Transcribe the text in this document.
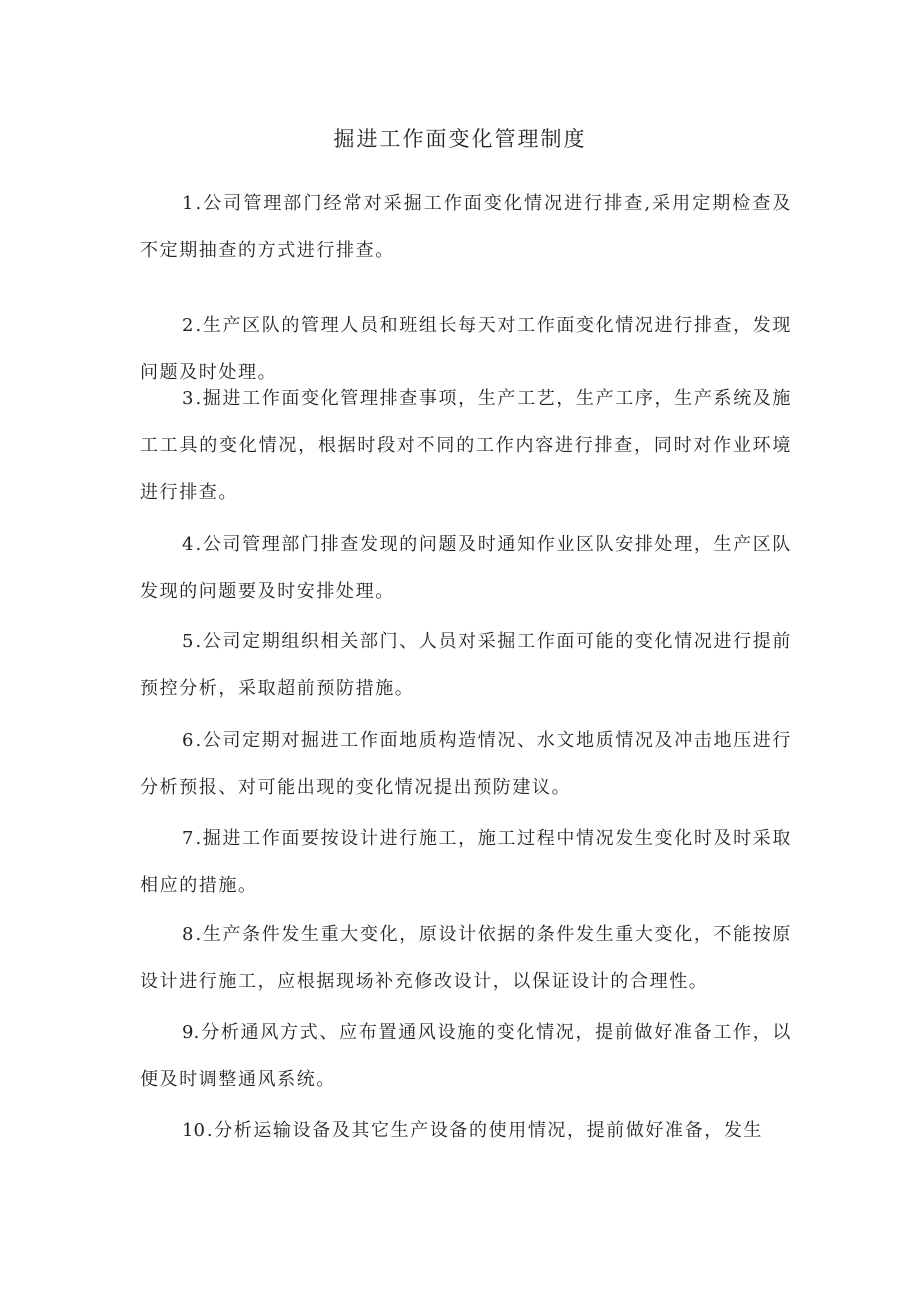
掘进工作面变化管理制度

1 .公司管理部门经常对采掘工作面变化情况进行排查,采用定期检查及不定期抽查的方式进行排查。

2 .生产区队的管理人员和班组长每天对工作面变化情况进行排查，发现问题及时处理。

3 .掘进工作面变化管理排查事项，生产工艺，生产工序，生产系统及施工工具的变化情况，根据时段对不同的工作内容进行排查，同时对作业环境进行排查。

4 .公司管理部门排查发现的问题及时通知作业区队安排处理，生产区队发现的问题要及时安排处理。

5 .公司定期组织相关部门、人员对采掘工作面可能的变化情况进行提前预控分析，采取超前预防措施。

6 .公司定期对掘进工作面地质构造情况、水文地质情况及冲击地压进行分析预报、对可能出现的变化情况提出预防建议。

7 .掘进工作面要按设计进行施工，施工过程中情况发生变化时及时采取相应的措施。

8 .生产条件发生重大变化，原设计依据的条件发生重大变化，不能按原设计进行施工，应根据现场补充修改设计，以保证设计的合理性。

9. 分析通风方式、应布置通风设施的变化情况，提前做好准备工作，以便及时调整通风系统。

10 .分析运输设备及其它生产设备的使用情况，提前做好准备，发生
